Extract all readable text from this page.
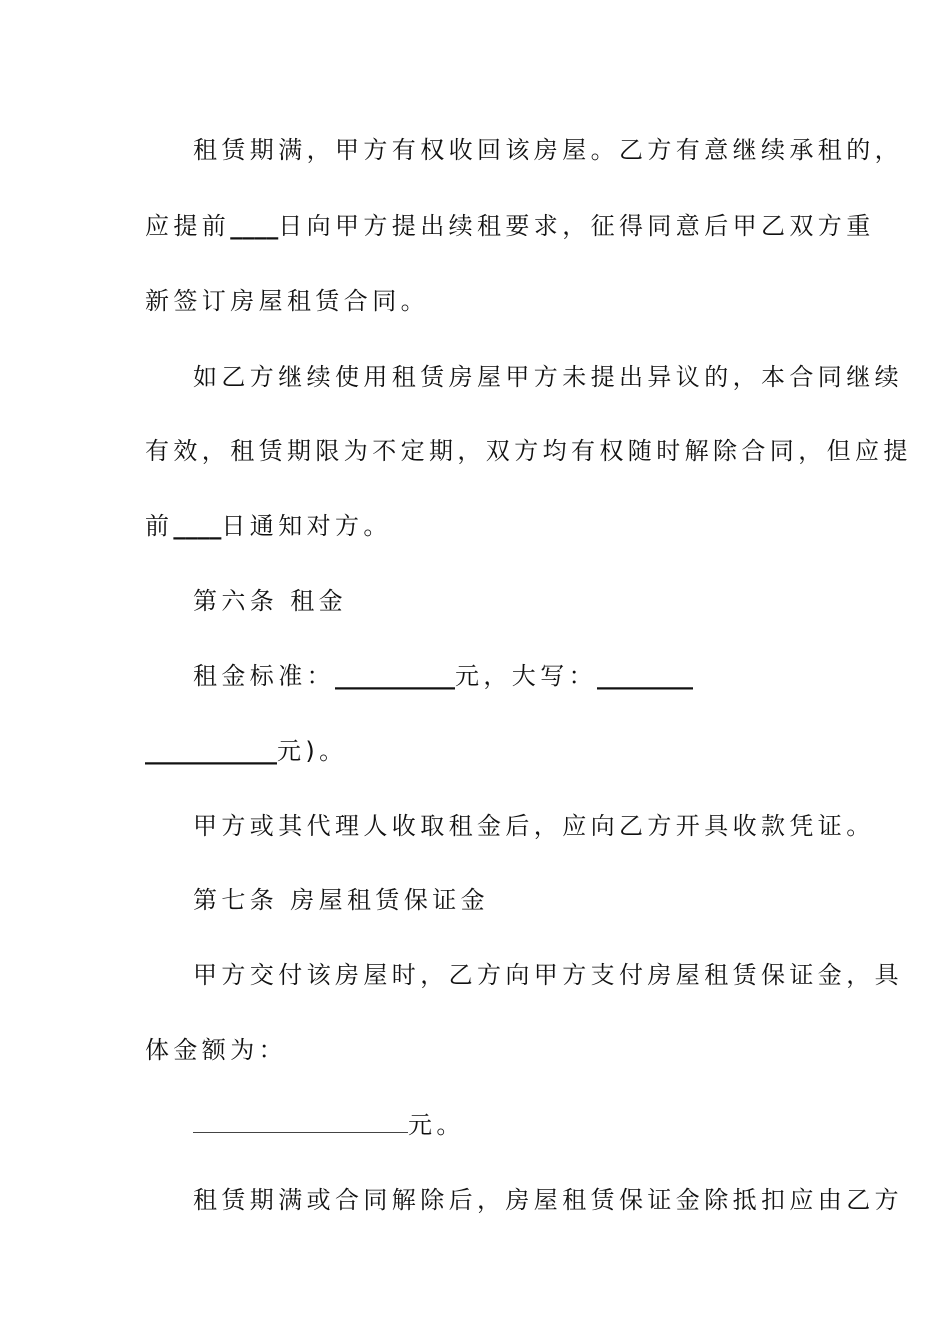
租赁期满，甲方有权收回该房屋。乙方有意继续承租的，
应提前____日向甲方提出续租要求，征得同意后甲乙双方重
新签订房屋租赁合同。
如乙方继续使用租赁房屋甲方未提出异议的，本合同继续
有效，租赁期限为不定期，双方均有权随时解除合同，但应提
前____日通知对方。
第六条 租金
租金标准：__________元，大写：________
___________元)。
甲方或其代理人收取租金后，应向乙方开具收款凭证。
第七条 房屋租赁保证金
甲方交付该房屋时，乙方向甲方支付房屋租赁保证金，具
体金额为：
元。
租赁期满或合同解除后，房屋租赁保证金除抵扣应由乙方
